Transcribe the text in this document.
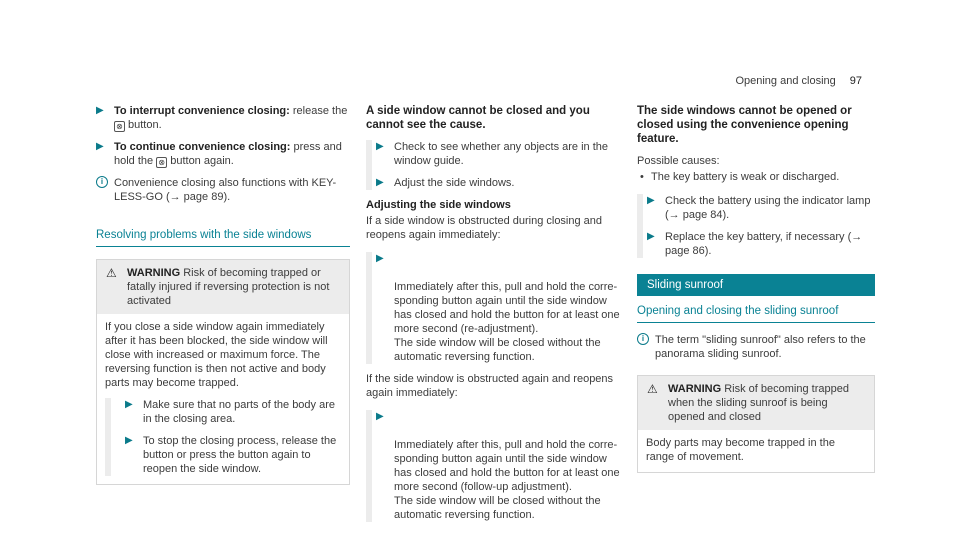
Opening and closing 97
▶ To interrupt convenience closing: release the ⊗ button.
▶ To continue convenience closing: press and hold the ⊗ button again.
i Convenience closing also functions with KEY-LESS-GO (→ page 89).
Resolving problems with the side windows
⚠ WARNING Risk of becoming trapped or fatally injured if reversing protection is not activated

If you close a side window again immediately after it has been blocked, the side window will close with increased or maximum force. The reversing function is then not active and body parts may become trapped.

▶ Make sure that no parts of the body are in the closing area.
▶ To stop the closing process, release the button or press the button again to reopen the side window.
A side window cannot be closed and you cannot see the cause.
▶ Check to see whether any objects are in the window guide.
▶ Adjust the side windows.
Adjusting the side windows
If a side window is obstructed during closing and reopens again immediately:

▶

Immediately after this, pull and hold the corre-sponding button again until the side window has closed and hold the button for at least one more second (re-adjustment).
The side window will be closed without the automatic reversing function.

If the side window is obstructed again and reopens again immediately:

▶

Immediately after this, pull and hold the corre-sponding button again until the side window has closed and hold the button for at least one more second (follow-up adjustment).
The side window will be closed without the automatic reversing function.

The side windows cannot be opened or closed using the convenience opening feature.
Possible causes:
• The key battery is weak or discharged.
▶ Check the battery using the indicator lamp (→ page 84).
▶ Replace the key battery, if necessary (→ page 86).
Sliding sunroof
Opening and closing the sliding sunroof
i The term "sliding sunroof" also refers to the panorama sliding sunroof.
⚠ WARNING Risk of becoming trapped when the sliding sunroof is being opened and closed

Body parts may become trapped in the range of movement.
